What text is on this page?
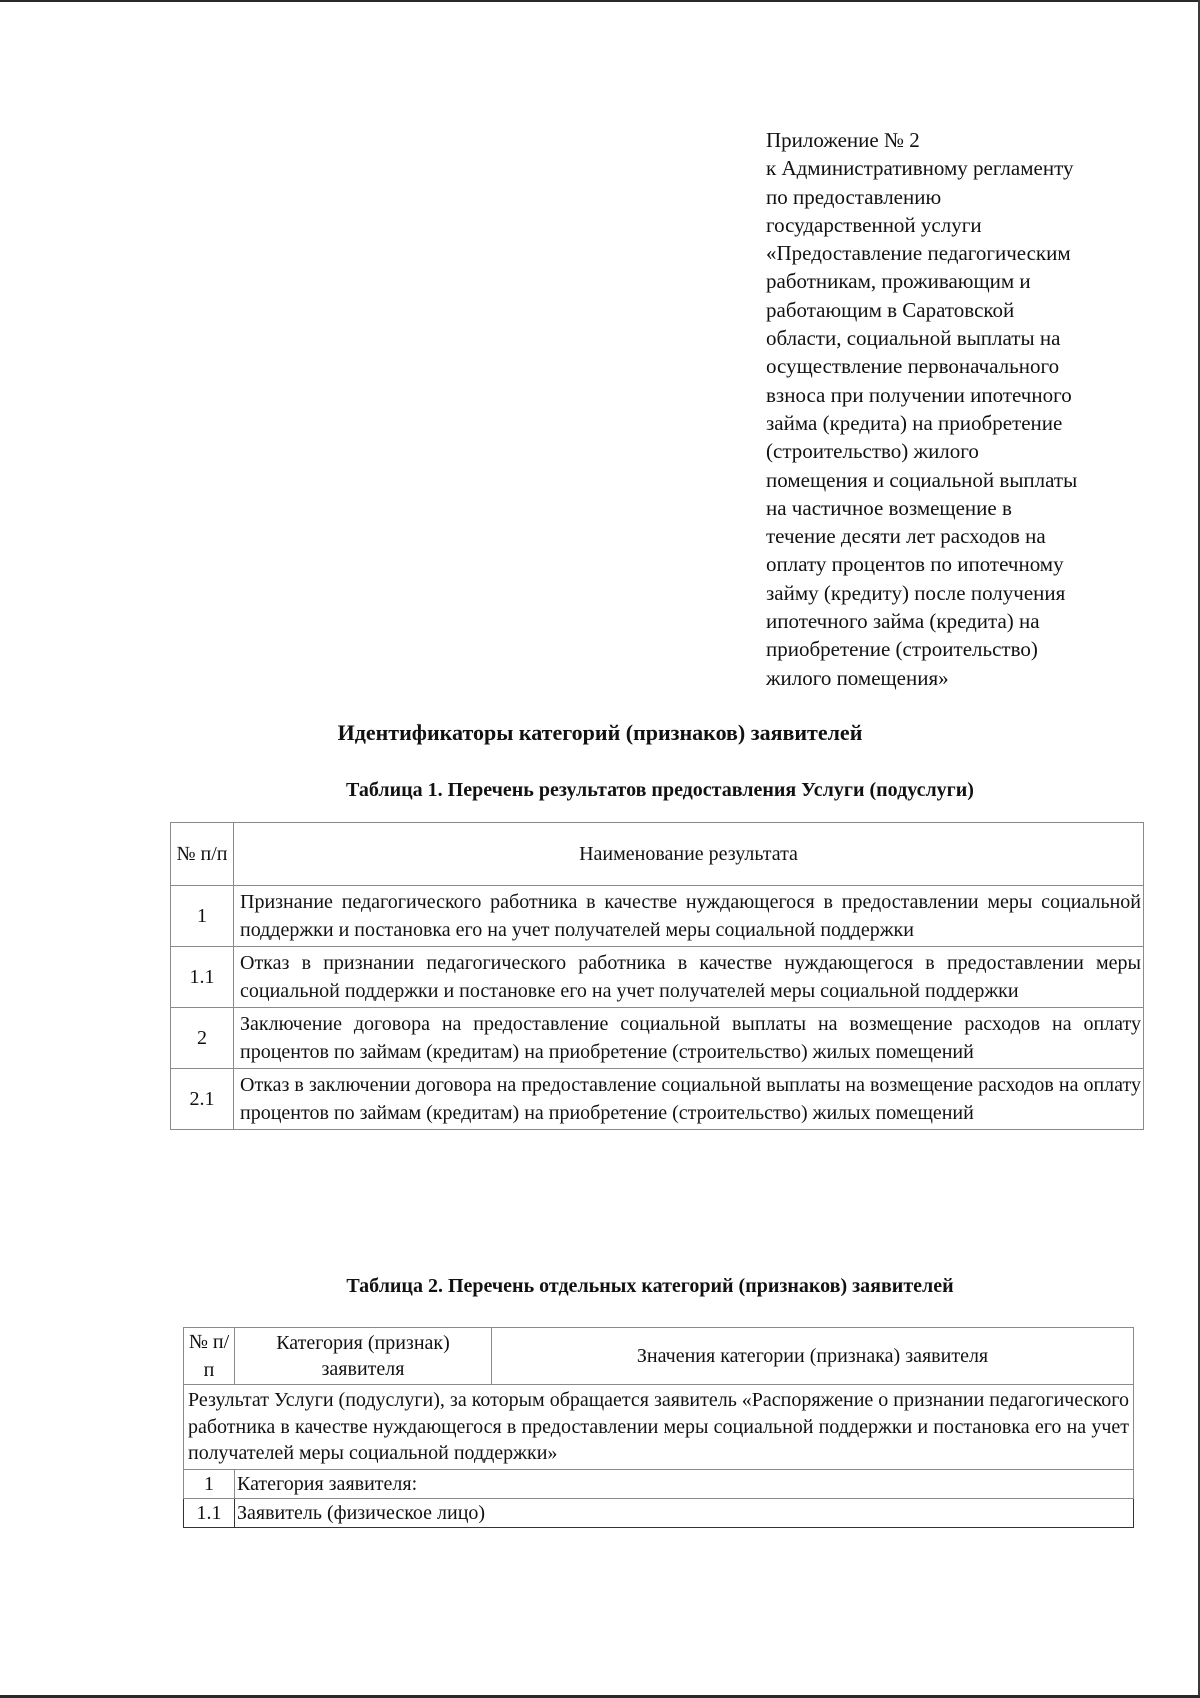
Приложение № 2
к Административному регламенту
по предоставлению
государственной услуги
«Предоставление педагогическим
работникам, проживающим и
работающим в Саратовской
области, социальной выплаты на
осуществление первоначального
взноса при получении ипотечного
займа (кредита) на приобретение
(строительство) жилого
помещения и социальной выплаты
на частичное возмещение в
течение десяти лет расходов на
оплату процентов по ипотечному
займу (кредиту) после получения
ипотечного займа (кредита) на
приобретение (строительство)
жилого помещения»
Идентификаторы категорий (признаков) заявителей
Таблица 1. Перечень результатов предоставления Услуги (подуслуги)
№ п/п	Наименование результата
1	Признание педагогического работника в качестве нуждающегося в предоставлении меры социальной поддержки и постановка его на учет получателей меры социальной поддержки
1.1	Отказ в признании педагогического работника в качестве нуждающегося в предоставлении меры социальной поддержки и постановке его на учет получателей меры социальной поддержки
2	Заключение договора на предоставление социальной выплаты на возмещение расходов на оплату процентов по займам (кредитам) на приобретение (строительство) жилых помещений
2.1	Отказ в заключении договора на предоставление социальной выплаты на возмещение расходов на оплату процентов по займам (кредитам) на приобретение (строительство) жилых помещений
Таблица 2. Перечень отдельных категорий (признаков) заявителей
№ п/п	Категория (признак) заявителя	Значения категории (признака) заявителя
Результат Услуги (подуслуги), за которым обращается заявитель «Распоряжение о признании педагогического работника в качестве нуждающегося в предоставлении меры социальной поддержки и постановка его на учет получателей меры социальной поддержки»		
1	Категория заявителя:	
1.1	Заявитель (физическое лицо)	
